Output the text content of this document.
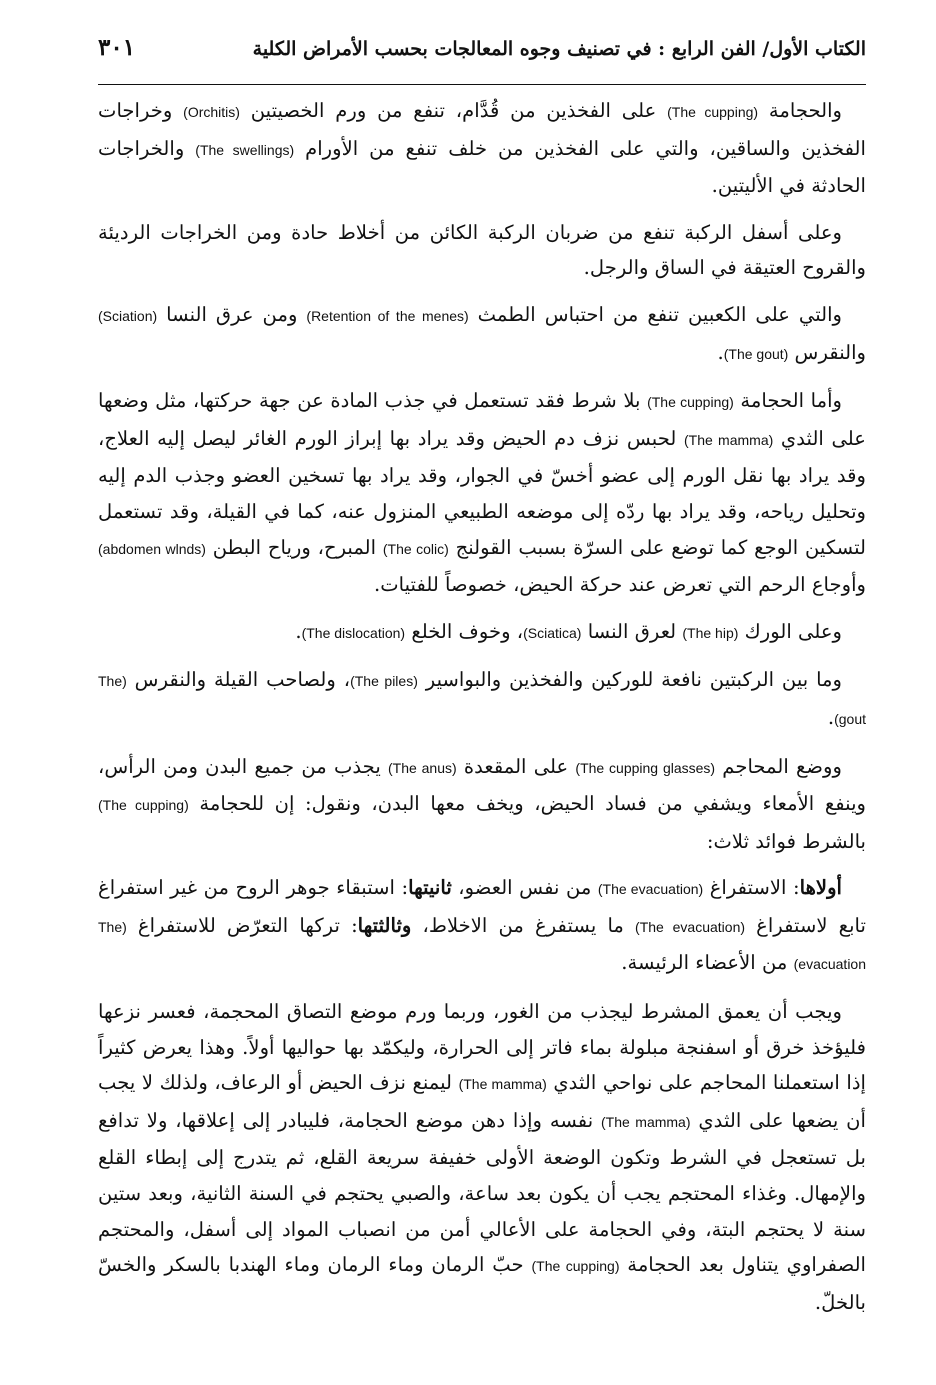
الكتاب الأول/ الفن الرابع : في تصنيف وجوه المعالجات بحسب الأمراض الكلية
٣٠١

والحجامة (The cupping) على الفخذين من قُدَّام، تنفع من ورم الخصيتين (Orchitis) وخراجات الفخذين والساقين، والتي على الفخذين من خلف تنفع من الأورام (The swellings) والخراجات الحادثة في الأليتين.

وعلى أسفل الركبة تنفع من ضربان الركبة الكائن من أخلاط حادة ومن الخراجات الرديئة والقروح العتيقة في الساق والرجل.

والتي على الكعبين تنفع من احتباس الطمث (Retention of the menes) ومن عرق النسا (Sciation) والنقرس (The gout).

وأما الحجامة (The cupping) بلا شرط فقد تستعمل في جذب المادة عن جهة حركتها، مثل وضعها على الثدي (The mamma) لحبس نزف دم الحيض وقد يراد بها إبراز الورم الغائر ليصل إليه العلاج، وقد يراد بها نقل الورم إلى عضو أخسّ في الجوار، وقد يراد بها تسخين العضو وجذب الدم إليه وتحليل رياحه، وقد يراد بها ردّه إلى موضعه الطبيعي المنزول عنه، كما في القيلة، وقد تستعمل لتسكين الوجع كما توضع على السرّة بسبب القولنج (The colic) المبرح، ورياح البطن (abdomen wlnds) وأوجاع الرحم التي تعرض عند حركة الحيض، خصوصاً للفتيات.

وعلى الورك (The hip) لعرق النسا (Sciatica)، وخوف الخلع (The dislocation).

وما بين الركبتين نافعة للوركين والفخذين والبواسير (The piles)، ولصاحب القيلة والنقرس (The gout).

ووضع المحاجم (The cupping glasses) على المقعدة (The anus) يجذب من جميع البدن ومن الرأس، وينفع الأمعاء ويشفي من فساد الحيض، ويخف معها البدن، ونقول: إن للحجامة (The cupping) بالشرط فوائد ثلاث:

أولاها: الاستفراغ (The evacuation) من نفس العضو، ثانيتها: استبقاء جوهر الروح من غير استفراغ تابع لاستفراغ (The evacuation) ما يستفرغ من الاخلاط، وثالثتها: تركها التعرّض للاستفراغ (The evacuation) من الأعضاء الرئيسة.

ويجب أن يعمق المشرط ليجذب من الغور، وربما ورم موضع التصاق المحجمة، فعسر نزعها فليؤخذ خرق أو اسفنجة مبلولة بماء فاتر إلى الحرارة، وليكمّد بها حواليها أولاً. وهذا يعرض كثيراً إذا استعملنا المحاجم على نواحي الثدي (The mamma) ليمنع نزف الحيض أو الرعاف، ولذلك لا يجب أن يضعها على الثدي (The mamma) نفسه وإذا دهن موضع الحجامة، فليبادر إلى إعلاقها، ولا تدافع بل تستعجل في الشرط وتكون الوضعة الأولى خفيفة سريعة القلع، ثم يتدرج إلى إبطاء القلع والإمهال. وغذاء المحتجم يجب أن يكون بعد ساعة، والصبي يحتجم في السنة الثانية، وبعد ستين سنة لا يحتجم البتة، وفي الحجامة على الأعالي أمن من انصباب المواد إلى أسفل، والمحتجم الصفراوي يتناول بعد الحجامة (The cupping) حبّ الرمان وماء الرمان وماء الهندبا بالسكر والخسّ بالخلّ.
